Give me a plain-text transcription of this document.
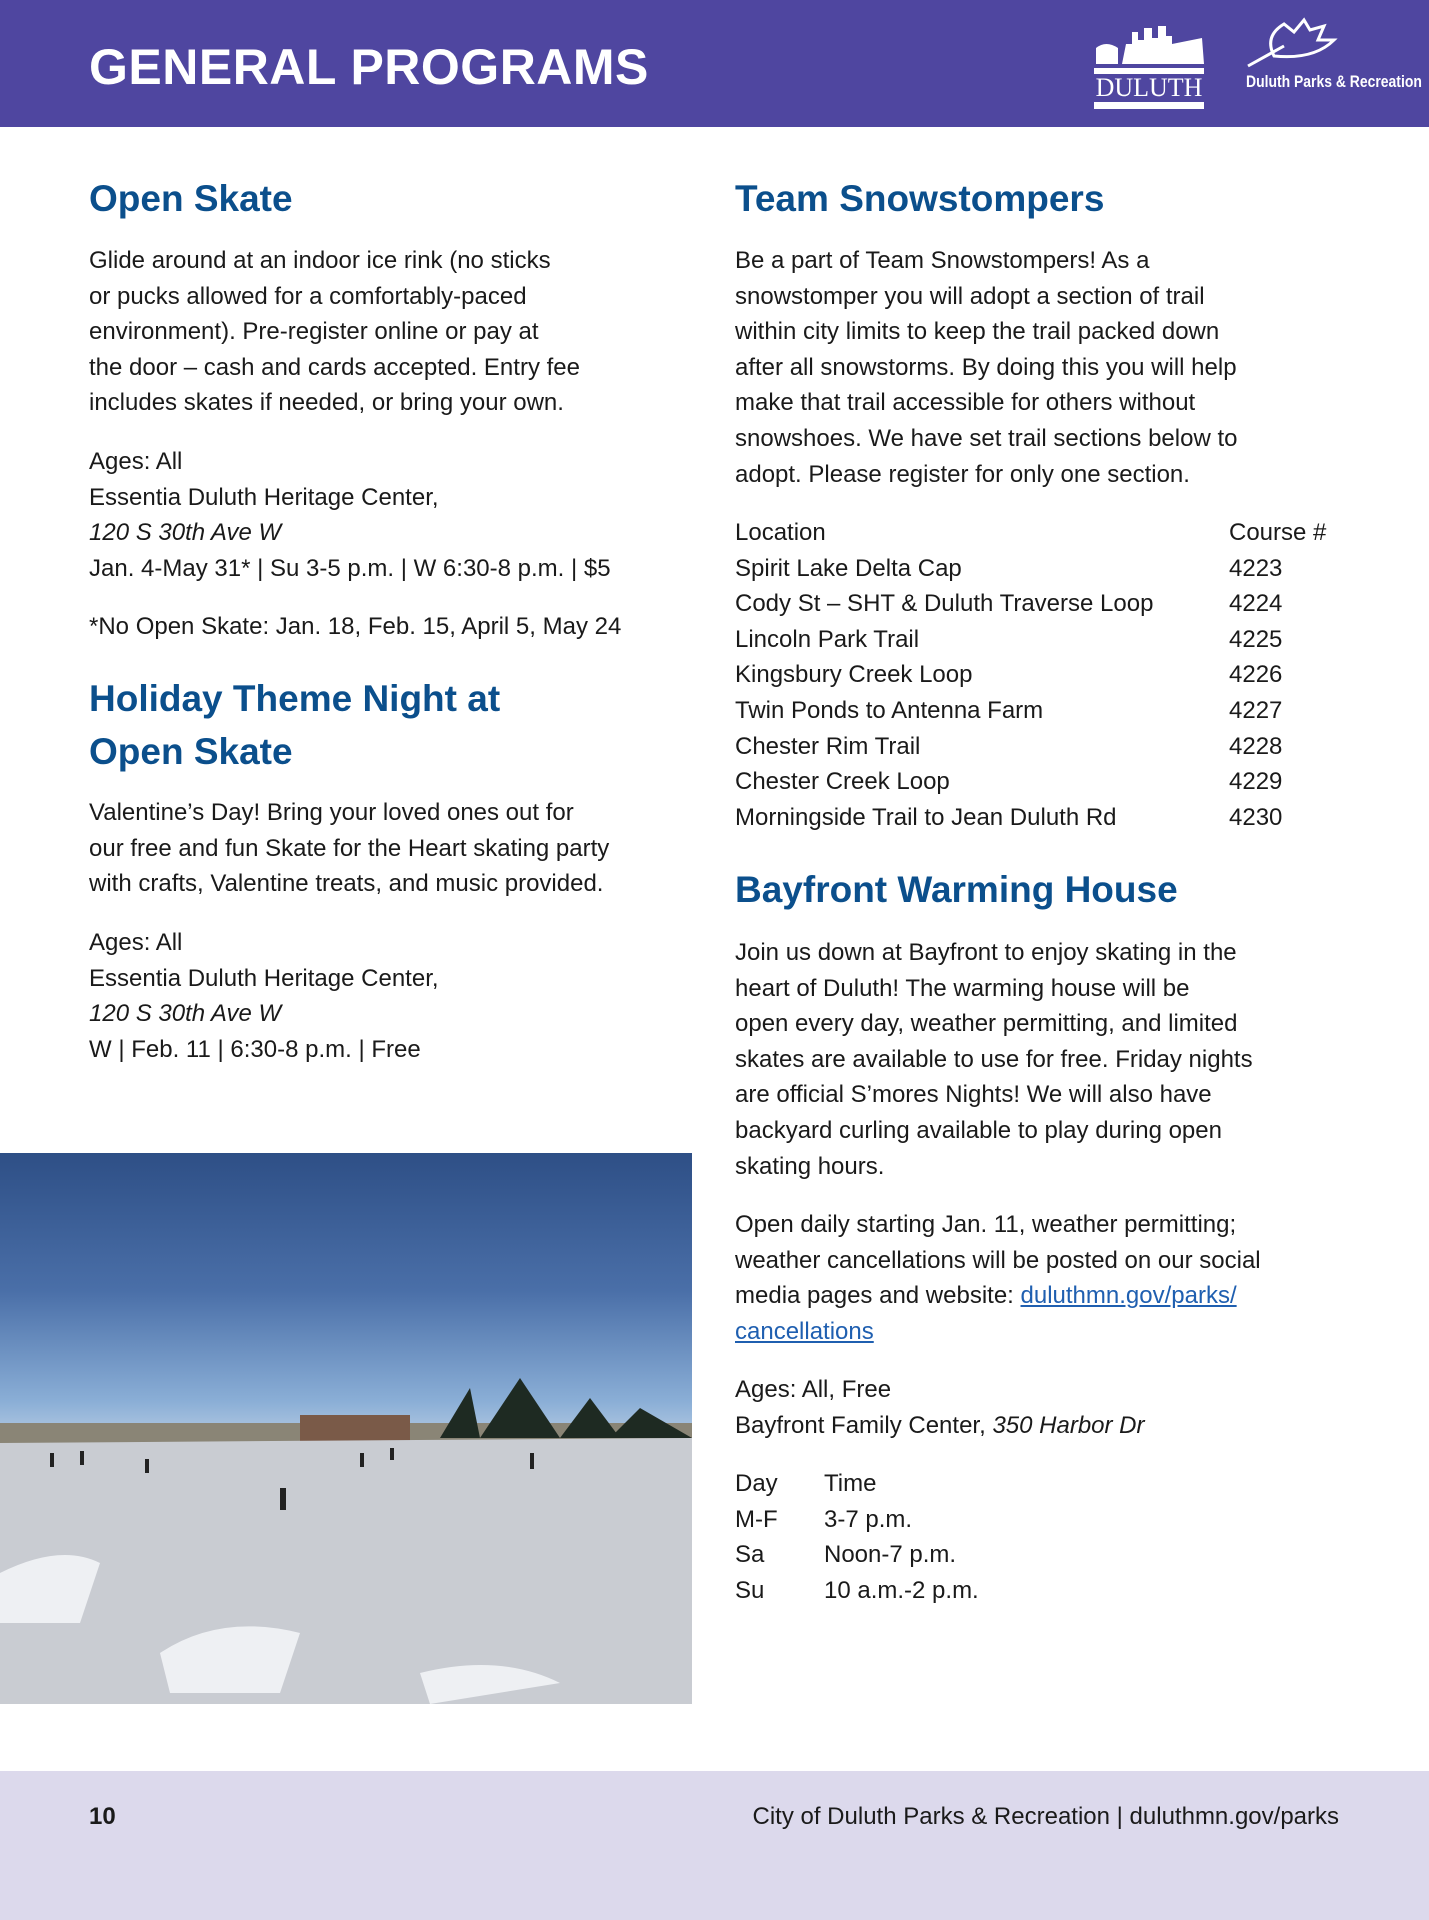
GENERAL PROGRAMS	DULUTH	Duluth Parks & Recreation
Open Skate
Glide around at an indoor ice rink (no sticks
or pucks allowed for a comfortably-paced
environment). Pre-register online or pay at
the door – cash and cards accepted. Entry fee
includes skates if needed, or bring your own.
Ages: All
Essentia Duluth Heritage Center,
120 S 30th Ave W
Jan. 4-May 31* | Su 3-5 p.m. | W 6:30-8 p.m. | $5
*No Open Skate: Jan. 18, Feb. 15, April 5, May 24
Holiday Theme Night at
Open Skate
Valentine’s Day! Bring your loved ones out for
our free and fun Skate for the Heart skating party
with crafts, Valentine treats, and music provided.
Ages: All
Essentia Duluth Heritage Center,
120 S 30th Ave W
W | Feb. 11 | 6:30-8 p.m. | Free
Team Snowstompers
Be a part of Team Snowstompers! As a
snowstomper you will adopt a section of trail
within city limits to keep the trail packed down
after all snowstorms. By doing this you will help
make that trail accessible for others without
snowshoes. We have set trail sections below to
adopt. Please register for only one section.
Location	Course #
Spirit Lake Delta Cap	4223
Cody St – SHT & Duluth Traverse Loop	4224
Lincoln Park Trail	4225
Kingsbury Creek Loop	4226
Twin Ponds to Antenna Farm	4227
Chester Rim Trail	4228
Chester Creek Loop	4229
Morningside Trail to Jean Duluth Rd	4230
Bayfront Warming House
Join us down at Bayfront to enjoy skating in the
heart of Duluth! The warming house will be
open every day, weather permitting, and limited
skates are available to use for free. Friday nights
are official S’mores Nights! We will also have
backyard curling available to play during open
skating hours.
Open daily starting Jan. 11, weather permitting;
weather cancellations will be posted on our social
media pages and website: duluthmn.gov/parks/
cancellations
Ages: All, Free
Bayfront Family Center, 350 Harbor Dr
Day Time
M-F 3-7 p.m.
Sa Noon-7 p.m.
Su 10 a.m.-2 p.m.
10	City of Duluth Parks & Recreation | duluthmn.gov/parks
